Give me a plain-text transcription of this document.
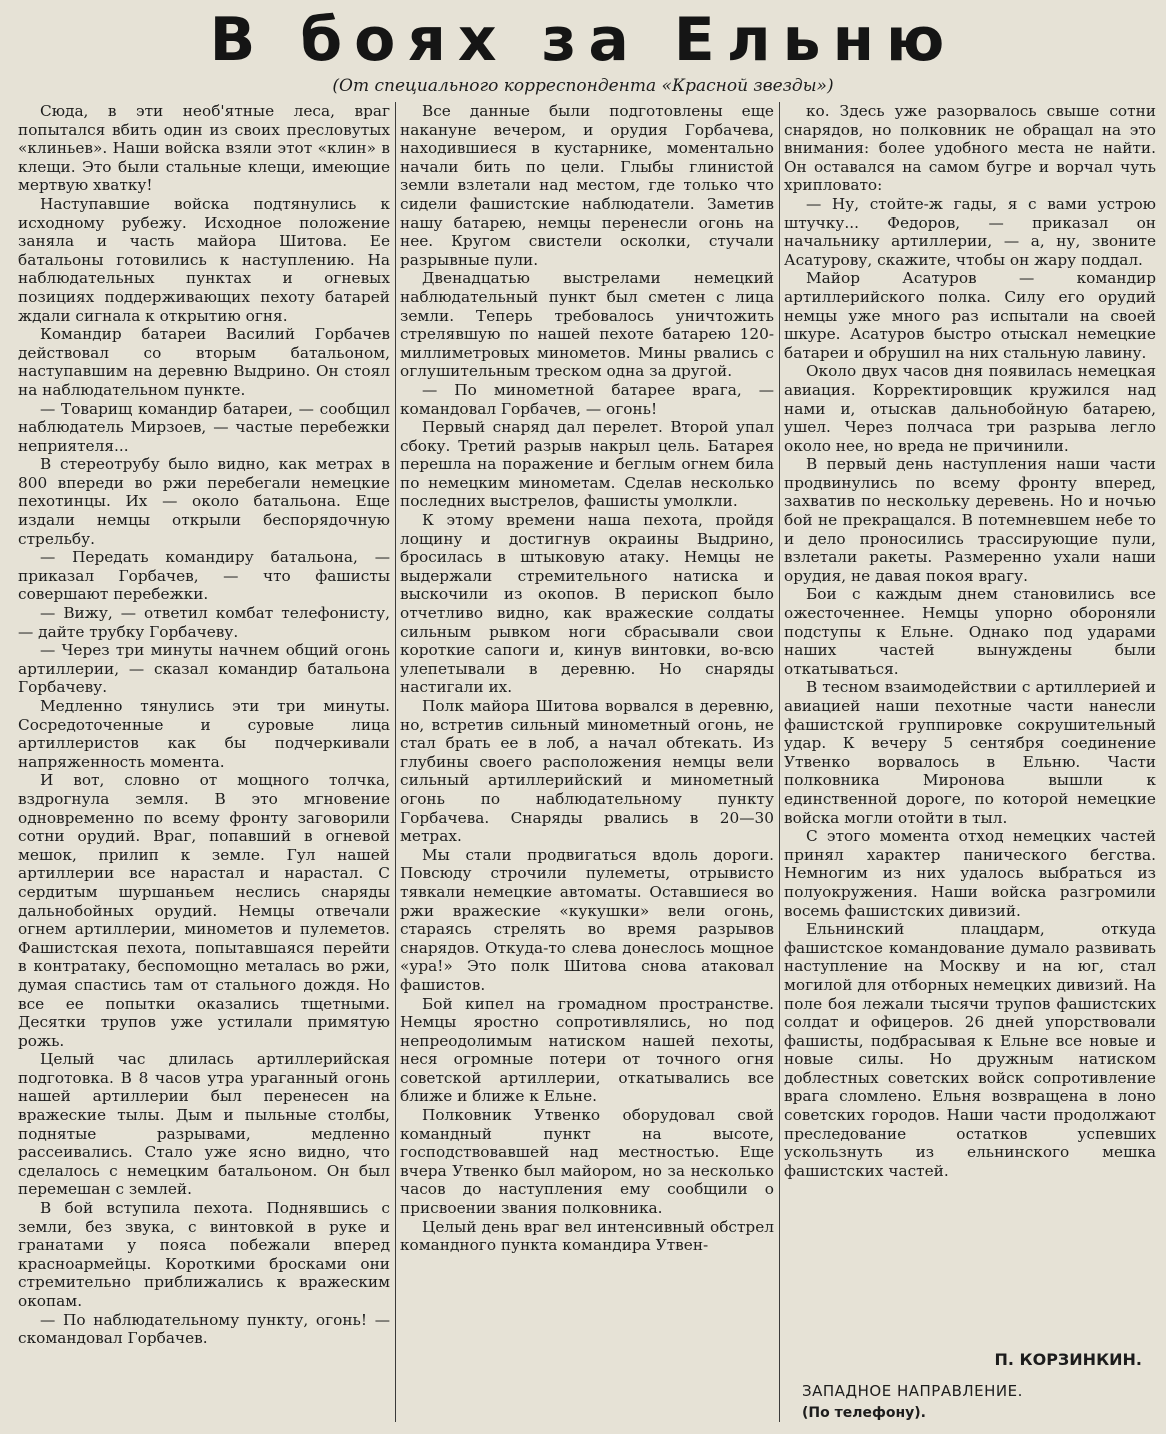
В боях за Ельню
(От специального корреспондента «Красной звезды»)

Сюда, в эти необ'ятные леса, враг попытался вбить один из своих пресловутых «клиньев». Наши войска взяли этот «клин» в клещи. Это были стальные клещи, имеющие мертвую хватку!

Наступавшие войска подтянулись к исходному рубежу. Исходное положение заняла и часть майора Шитова. Ее батальоны готовились к наступлению. На наблюдательных пунктах и огневых позициях поддерживающих пехоту батарей ждали сигнала к открытию огня.

Командир батареи Василий Горбачев действовал со вторым батальоном, наступавшим на деревню Выдрино. Он стоял на наблюдательном пункте.

— Товарищ командир батареи, — сообщил наблюдатель Мирзоев, — частые перебежки неприятеля...

В стереотрубу было видно, как метрах в 800 впереди во ржи перебегали немецкие пехотинцы. Их — около батальона. Еще издали немцы открыли беспорядочную стрельбу.

— Передать командиру батальона, — приказал Горбачев, — что фашисты совершают перебежки.

— Вижу, — ответил комбат телефонисту, — дайте трубку Горбачеву.

— Через три минуты начнем общий огонь артиллерии, — сказал командир батальона Горбачеву.

Медленно тянулись эти три минуты. Сосредоточенные и суровые лица артиллеристов как бы подчеркивали напряженность момента.

И вот, словно от мощного толчка, вздрогнула земля. В это мгновение одновременно по всему фронту заговорили сотни орудий. Враг, попавший в огневой мешок, прилип к земле. Гул нашей артиллерии все нарастал и нарастал. С сердитым шуршаньем неслись снаряды дальнобойных орудий. Немцы отвечали огнем артиллерии, минометов и пулеметов. Фашистская пехота, попытавшаяся перейти в контратаку, беспомощно металась во ржи, думая спастись там от стального дождя. Но все ее попытки оказались тщетными. Десятки трупов уже устилали примятую рожь.

Целый час длилась артиллерийская подготовка. В 8 часов утра ураганный огонь нашей артиллерии был перенесен на вражеские тылы. Дым и пыльные столбы, поднятые разрывами, медленно рассеивались. Стало уже ясно видно, что сделалось с немецким батальоном. Он был перемешан с землей.

В бой вступила пехота. Поднявшись с земли, без звука, с винтовкой в руке и гранатами у пояса побежали вперед красноармейцы. Короткими бросками они стремительно приближались к вражеским окопам.

— По наблюдательному пункту, огонь! — скомандовал Горбачев.

Все данные были подготовлены еще накануне вечером, и орудия Горбачева, находившиеся в кустарнике, моментально начали бить по цели. Глыбы глинистой земли взлетали над местом, где только что сидели фашистские наблюдатели. Заметив нашу батарею, немцы перенесли огонь на нее. Кругом свистели осколки, стучали разрывные пули.

Двенадцатью выстрелами немецкий наблюдательный пункт был сметен с лица земли. Теперь требовалось уничтожить стрелявшую по нашей пехоте батарею 120-миллиметровых минометов. Мины рвались с оглушительным треском одна за другой.

— По минометной батарее врага, — командовал Горбачев, — огонь!

Первый снаряд дал перелет. Второй упал сбоку. Третий разрыв накрыл цель. Батарея перешла на поражение и беглым огнем била по немецким минометам. Сделав несколько последних выстрелов, фашисты умолкли.

К этому времени наша пехота, пройдя лощину и достигнув окраины Выдрино, бросилась в штыковую атаку. Немцы не выдержали стремительного натиска и выскочили из окопов. В перископ было отчетливо видно, как вражеские солдаты сильным рывком ноги сбрасывали свои короткие сапоги и, кинув винтовки, во-всю улепетывали в деревню. Но снаряды настигали их.

Полк майора Шитова ворвался в деревню, но, встретив сильный минометный огонь, не стал брать ее в лоб, а начал обтекать. Из глубины своего расположения немцы вели сильный артиллерийский и минометный огонь по наблюдательному пункту Горбачева. Снаряды рвались в 20—30 метрах.

Мы стали продвигаться вдоль дороги. Повсюду строчили пулеметы, отрывисто тявкали немецкие автоматы. Оставшиеся во ржи вражеские «кукушки» вели огонь, стараясь стрелять во время разрывов снарядов. Откуда-то слева донеслось мощное «ура!» Это полк Шитова снова атаковал фашистов.

Бой кипел на громадном пространстве. Немцы яростно сопротивлялись, но под непреодолимым натиском нашей пехоты, неся огромные потери от точного огня советской артиллерии, откатывались все ближе и ближе к Ельне.

Полковник Утвенко оборудовал свой командный пункт на высоте, господствовавшей над местностью. Еще вчера Утвенко был майором, но за несколько часов до наступления ему сообщили о присвоении звания полковника.

Целый день враг вел интенсивный обстрел командного пункта командира Утвен-

ко. Здесь уже разорвалось свыше сотни снарядов, но полковник не обращал на это внимания: более удобного места не найти. Он оставался на самом бугре и ворчал чуть хрипловато:

— Ну, стойте-ж гады, я с вами устрою штучку... Федоров, — приказал он начальнику артиллерии, — а, ну, звоните Асатурову, скажите, чтобы он жару поддал.

Майор Асатуров — командир артиллерийского полка. Силу его орудий немцы уже много раз испытали на своей шкуре. Асатуров быстро отыскал немецкие батареи и обрушил на них стальную лавину.

Около двух часов дня появилась немецкая авиация. Корректировщик кружился над нами и, отыскав дальнобойную батарею, ушел. Через полчаса три разрыва легло около нее, но вреда не причинили.

В первый день наступления наши части продвинулись по всему фронту вперед, захватив по нескольку деревень. Но и ночью бой не прекращался. В потемневшем небе то и дело проносились трассирующие пули, взлетали ракеты. Размеренно ухали наши орудия, не давая покоя врагу.

Бои с каждым днем становились все ожесточеннее. Немцы упорно обороняли подступы к Ельне. Однако под ударами наших частей вынуждены были откатываться.

В тесном взаимодействии с артиллерией и авиацией наши пехотные части нанесли фашистской группировке сокрушительный удар. К вечеру 5 сентября соединение Утвенко ворвалось в Ельню. Части полковника Миронова вышли к единственной дороге, по которой немецкие войска могли отойти в тыл.

С этого момента отход немецких частей принял характер панического бегства. Немногим из них удалось выбраться из полуокружения. Наши войска разгромили восемь фашистских дивизий.

Ельнинский плацдарм, откуда фашистское командование думало развивать наступление на Москву и на юг, стал могилой для отборных немецких дивизий. На поле боя лежали тысячи трупов фашистских солдат и офицеров. 26 дней упорствовали фашисты, подбрасывая к Ельне все новые и новые силы. Но дружным натиском доблестных советских войск сопротивление врага сломлено. Ельня возвращена в лоно советских городов. Наши части продолжают преследование остатков успевших ускользнуть из ельнинского мешка фашистских частей.

П. КОРЗИНКИН.
ЗАПАДНОЕ НАПРАВЛЕНИЕ.
(По телефону).
